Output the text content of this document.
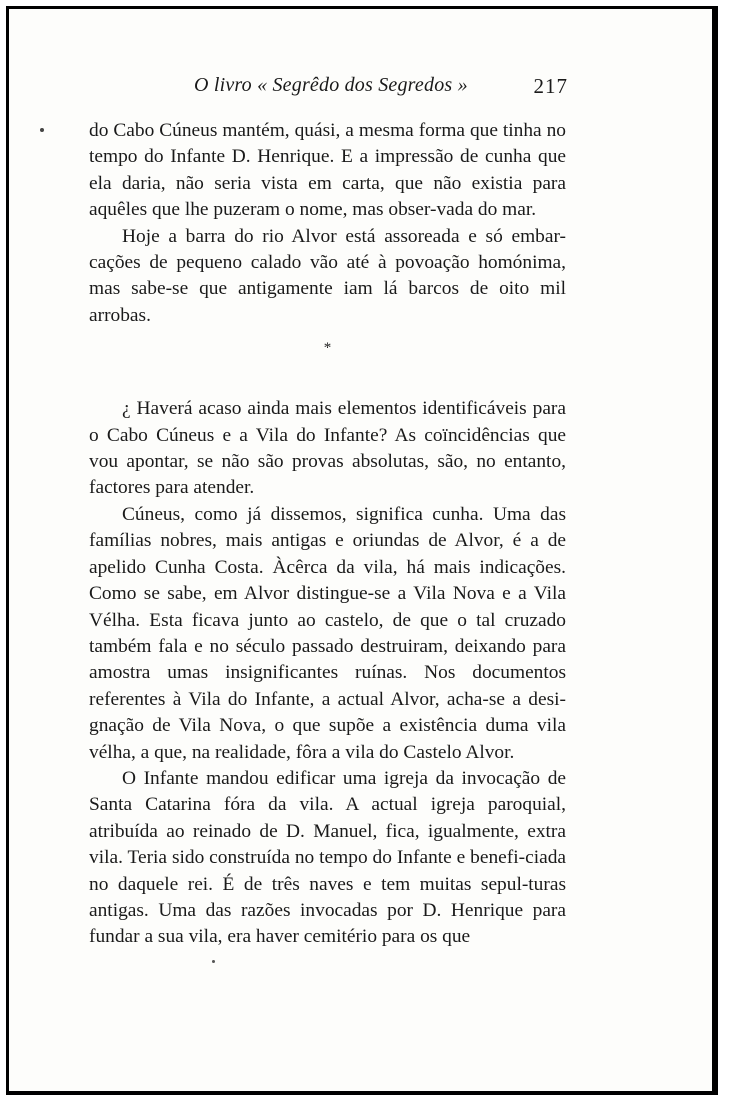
O livro « Segrêdo dos Segredos »	217

do Cabo Cúneus mantém, quási, a mesma forma que tinha no tempo do Infante D. Henrique. E a impressão de cunha que ela daria, não seria vista em carta, que não existia para aquêles que lhe puzeram o nome, mas obser-vada do mar.

Hoje a barra do rio Alvor está assoreada e só embar-cações de pequeno calado vão até à povoação homónima, mas sabe-se que antigamente iam lá barcos de oito mil arrobas.

*

¿ Haverá acaso ainda mais elementos identificáveis para o Cabo Cúneus e a Vila do Infante? As coïncidências que vou apontar, se não são provas absolutas, são, no entanto, factores para atender.

Cúneus, como já dissemos, significa cunha. Uma das famílias nobres, mais antigas e oriundas de Alvor, é a de apelido Cunha Costa. Àcêrca da vila, há mais indicações. Como se sabe, em Alvor distingue-se a Vila Nova e a Vila Vélha. Esta ficava junto ao castelo, de que o tal cruzado também fala e no século passado destruiram, deixando para amostra umas insignificantes ruínas. Nos documentos referentes à Vila do Infante, a actual Alvor, acha-se a desi-gnação de Vila Nova, o que supõe a existência duma vila vélha, a que, na realidade, fôra a vila do Castelo Alvor.

O Infante mandou edificar uma igreja da invocação de Santa Catarina fóra da vila. A actual igreja paroquial, atribuída ao reinado de D. Manuel, fica, igualmente, extra vila. Teria sido construída no tempo do Infante e benefi-ciada no daquele rei. É de três naves e tem muitas sepul-turas antigas. Uma das razões invocadas por D. Henrique para fundar a sua vila, era haver cemitério para os que
